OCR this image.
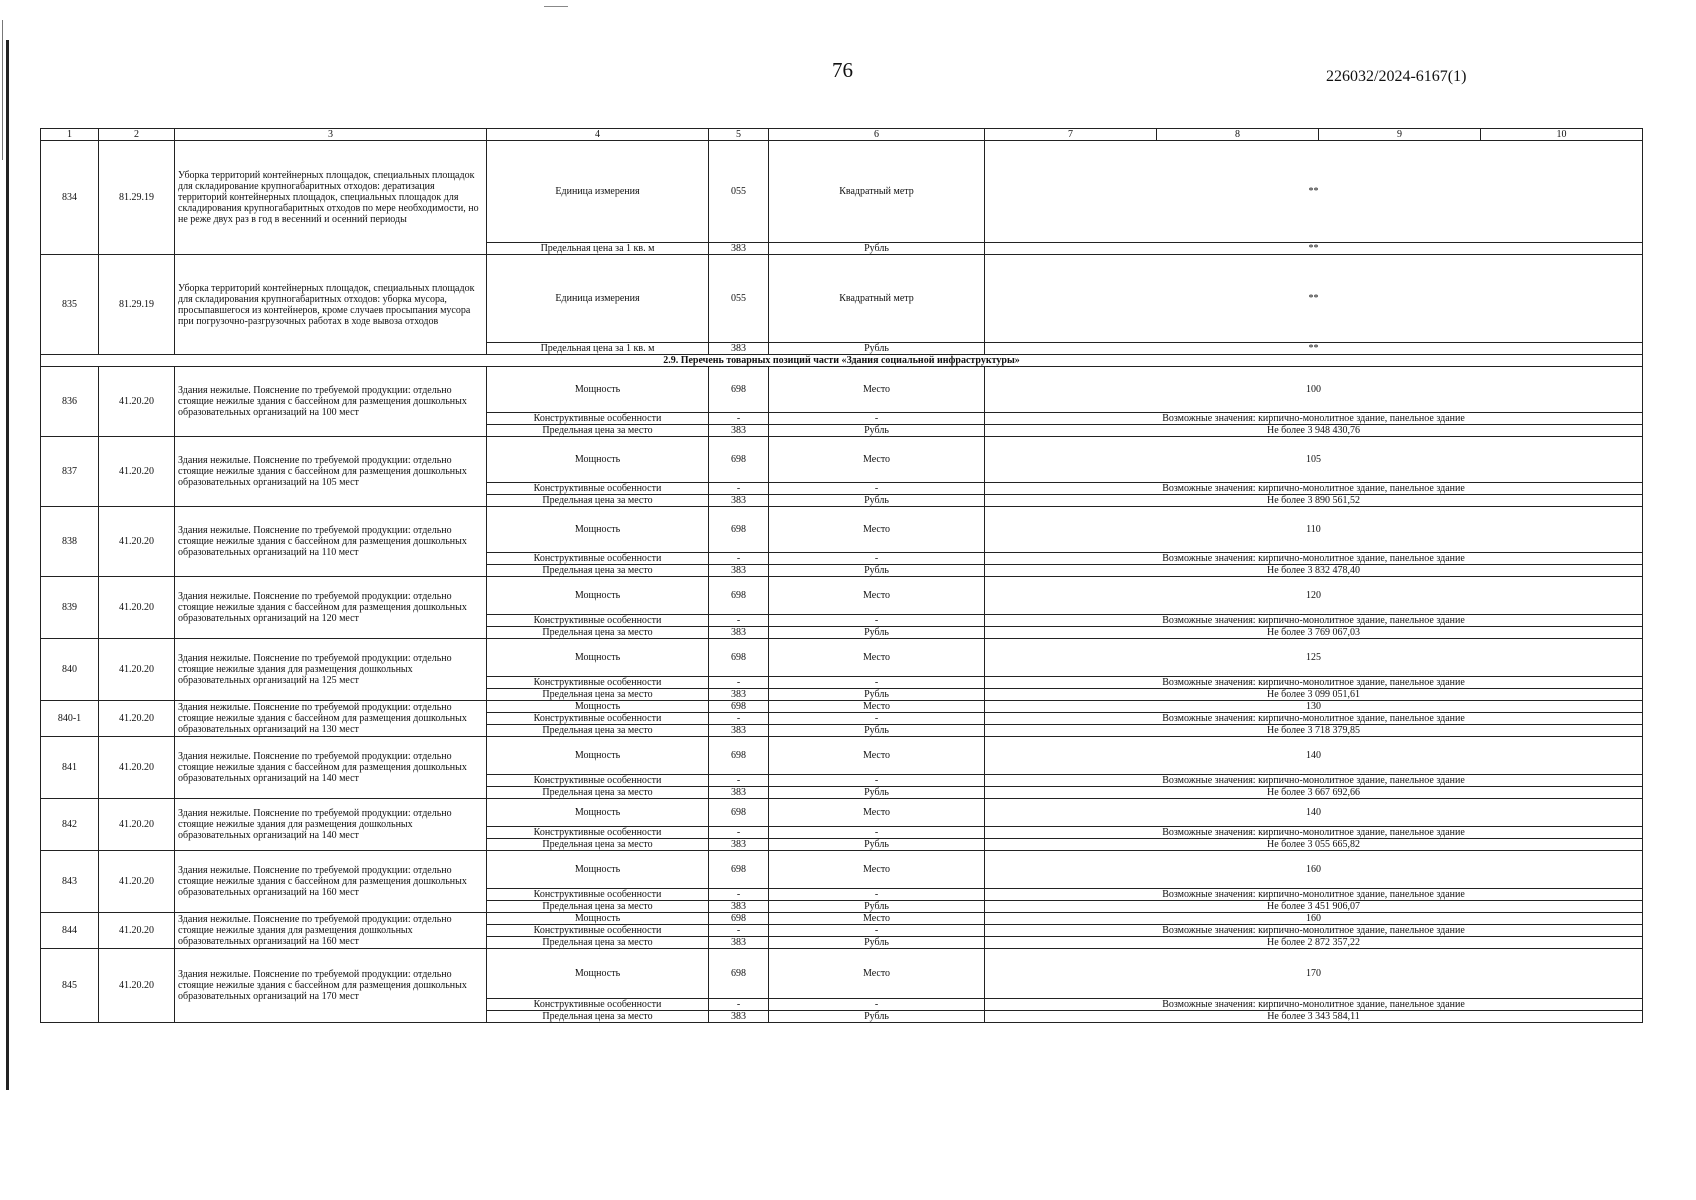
76	226032/2024-6167(1)
1	2	3	4	5	6	7	8	9	10
834	81.29.19	Уборка территорий контейнерных площадок, специальных площадок для складирование крупногабаритных отходов: дератизация территорий контейнерных площадок, специальных площадок для складирования крупногабаритных отходов по мере необходимости, но не реже двух раз в год в весенний и осенний периоды	Единица измерения	055	Квадратный метр	**			
			Предельная цена за 1 кв. м	383	Рубль	**			
835	81.29.19	Уборка территорий контейнерных площадок, специальных площадок для складирования крупногабаритных отходов: уборка мусора, просыпавшегося из контейнеров, кроме случаев просыпания мусора при погрузочно-разгрузочных работах в ходе вывоза отходов	Единица измерения	055	Квадратный метр	**			
			Предельная цена за 1 кв. м	383	Рубль	**			
2.9. Перечень товарных позиций части «Здания социальной инфраструктуры»									
836	41.20.20	Здания нежилые. Пояснение по требуемой продукции: отдельно стоящие нежилые здания с бассейном для размещения дошкольных образовательных организаций на 100 мест	Мощность	698	Место	100			
			Конструктивные особенности	-	-	Возможные значения: кирпично-монолитное здание, панельное здание			
			Предельная цена за место	383	Рубль	Не более 3 948 430,76			
837	41.20.20	Здания нежилые. Пояснение по требуемой продукции: отдельно стоящие нежилые здания с бассейном для размещения дошкольных образовательных организаций на 105 мест	Мощность	698	Место	105			
			Конструктивные особенности	-	-	Возможные значения: кирпично-монолитное здание, панельное здание			
			Предельная цена за место	383	Рубль	Не более 3 890 561,52			
838	41.20.20	Здания нежилые. Пояснение по требуемой продукции: отдельно стоящие нежилые здания с бассейном для размещения дошкольных образовательных организаций на 110 мест	Мощность	698	Место	110			
			Конструктивные особенности	-	-	Возможные значения: кирпично-монолитное здание, панельное здание			
			Предельная цена за место	383	Рубль	Не более 3 832 478,40			
839	41.20.20	Здания нежилые. Пояснение по требуемой продукции: отдельно стоящие нежилые здания с бассейном для размещения дошкольных образовательных организаций на 120 мест	Мощность	698	Место	120			
			Конструктивные особенности	-	-	Возможные значения: кирпично-монолитное здание, панельное здание			
			Предельная цена за место	383	Рубль	Не более 3 769 067,03			
840	41.20.20	Здания нежилые. Пояснение по требуемой продукции: отдельно стоящие нежилые здания для размещения дошкольных образовательных организаций на 125 мест	Мощность	698	Место	125			
			Конструктивные особенности	-	-	Возможные значения: кирпично-монолитное здание, панельное здание			
			Предельная цена за место	383	Рубль	Не более 3 099 051,61			
840-1	41.20.20	Здания нежилые. Пояснение по требуемой продукции: отдельно стоящие нежилые здания с бассейном для размещения дошкольных образовательных организаций на 130 мест	Мощность	698	Место	130			
			Конструктивные особенности	-	-	Возможные значения: кирпично-монолитное здание, панельное здание			
			Предельная цена за место	383	Рубль	Не более 3 718 379,85			
841	41.20.20	Здания нежилые. Пояснение по требуемой продукции: отдельно стоящие нежилые здания с бассейном для размещения дошкольных образовательных организаций на 140 мест	Мощность	698	Место	140			
			Конструктивные особенности	-	-	Возможные значения: кирпично-монолитное здание, панельное здание			
			Предельная цена за место	383	Рубль	Не более 3 667 692,66			
842	41.20.20	Здания нежилые. Пояснение по требуемой продукции: отдельно стоящие нежилые здания для размещения дошкольных образовательных организаций на 140 мест	Мощность	698	Место	140			
			Конструктивные особенности	-	-	Возможные значения: кирпично-монолитное здание, панельное здание			
			Предельная цена за место	383	Рубль	Не более 3 055 665,82			
843	41.20.20	Здания нежилые. Пояснение по требуемой продукции: отдельно стоящие нежилые здания с бассейном для размещения дошкольных образовательных организаций на 160 мест	Мощность	698	Место	160			
			Конструктивные особенности	-	-	Возможные значения: кирпично-монолитное здание, панельное здание			
			Предельная цена за место	383	Рубль	Не более 3 451 906,07			
844	41.20.20	Здания нежилые. Пояснение по требуемой продукции: отдельно стоящие нежилые здания для размещения дошкольных образовательных организаций на 160 мест	Мощность	698	Место	160			
			Конструктивные особенности	-	-	Возможные значения: кирпично-монолитное здание, панельное здание			
			Предельная цена за место	383	Рубль	Не более 2 872 357,22			
845	41.20.20	Здания нежилые. Пояснение по требуемой продукции: отдельно стоящие нежилые здания с бассейном для размещения дошкольных образовательных организаций на 170 мест	Мощность	698	Место	170			
			Конструктивные особенности	-	-	Возможные значения: кирпично-монолитное здание, панельное здание			
			Предельная цена за место	383	Рубль	Не более 3 343 584,11			
